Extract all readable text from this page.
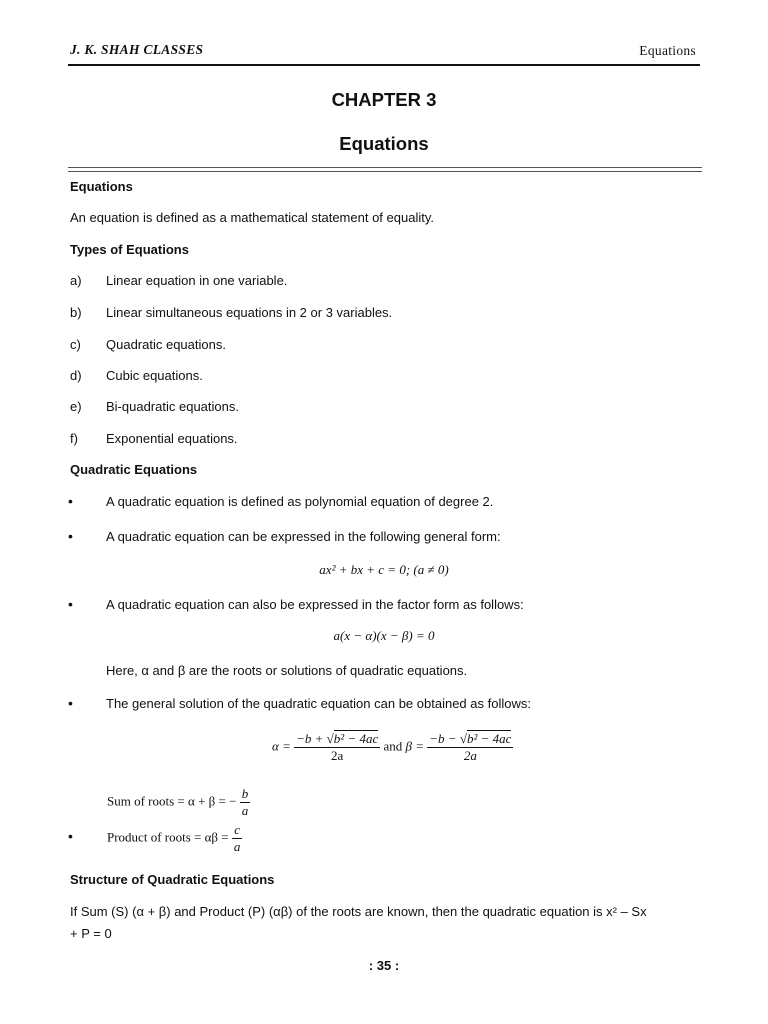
J. K. SHAH CLASSES	Equations
CHAPTER 3
Equations
Equations
An equation is defined as a mathematical statement of equality.
Types of Equations
a) Linear equation in one variable.
b) Linear simultaneous equations in 2 or 3 variables.
c) Quadratic equations.
d) Cubic equations.
e) Bi-quadratic equations.
f) Exponential equations.
Quadratic Equations
•	A quadratic equation is defined as polynomial equation of degree 2.
•	A quadratic equation can be expressed in the following general form:
ax² + bx + c = 0; (a ≠ 0)
•	A quadratic equation can also be expressed in the factor form as follows:
a(x − α)(x − β) = 0
Here, α and β are the roots or solutions of quadratic equations.
•	The general solution of the quadratic equation can be obtained as follows:
$\alpha = \frac{\text{−b + √b² − 4ac}}{2a}$ and $\beta = \frac{\text{−b − √b² − 4ac}}{2a}$
Sum of roots = α + β = − $\frac{b}{a}$
•	Product of roots = $\alpha\beta = \frac{c}{a}$
Structure of Quadratic Equations
If Sum (S) (α + β) and Product (P) (αβ) of the roots are known, then the quadratic equation is x² – Sx
+ P = 0
: 35 :
